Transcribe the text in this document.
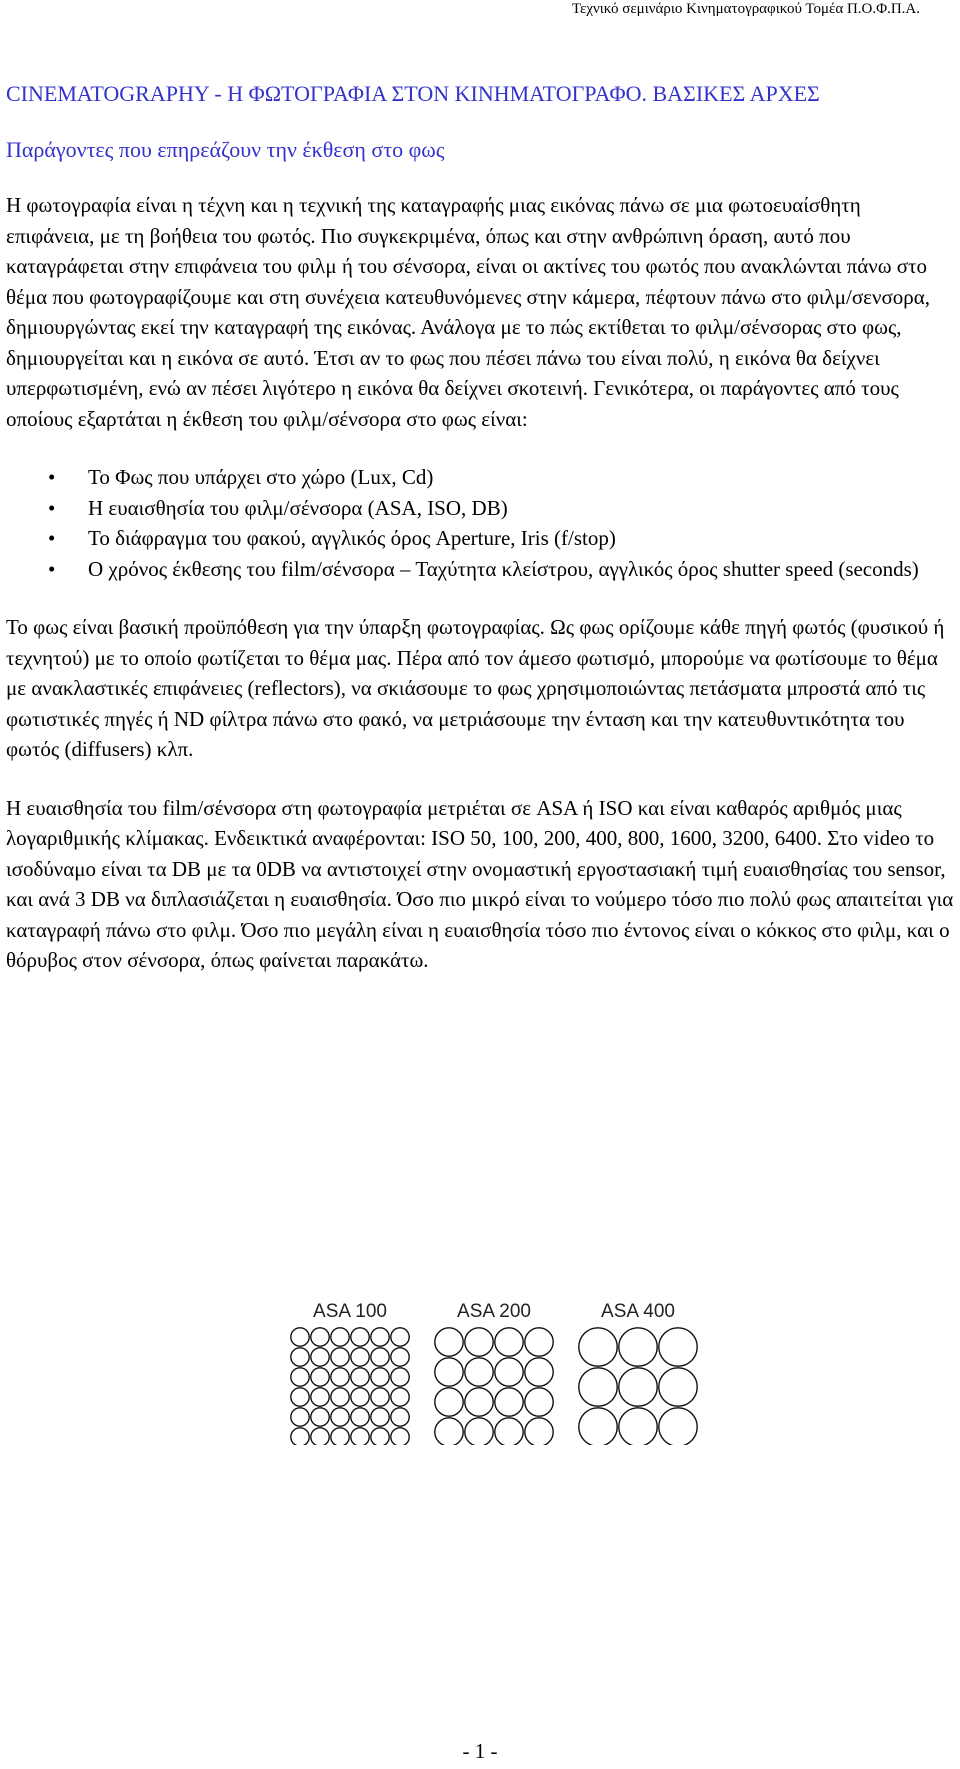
Τεχνικό σεμινάριο Κινηματογραφικού Τομέα Π.Ο.Φ.Π.Α.
CINEMATOGRAPHY - Η ΦΩΤΟΓΡΑΦΙΑ ΣΤΟΝ ΚΙΝΗΜΑΤΟΓΡΑΦΟ. ΒΑΣΙΚΕΣ ΑΡΧΕΣ
Παράγοντες που επηρεάζουν την έκθεση στο φως

Η φωτογραφία είναι η τέχνη και η τεχνική της καταγραφής μιας εικόνας πάνω σε μια φωτοευαίσθητη επιφάνεια, με τη βοήθεια του φωτός. Πιο συγκεκριμένα, όπως και στην ανθρώπινη όραση, αυτό που καταγράφεται στην επιφάνεια του φιλμ ή του σένσορα, είναι οι ακτίνες του φωτός που ανακλώνται πάνω στο θέμα που φωτογραφίζουμε και στη συνέχεια κατευθυνόμενες στην κάμερα, πέφτουν πάνω στο φιλμ/σενσορα, δημιουργώντας εκεί την καταγραφή της εικόνας. Ανάλογα με το πώς εκτίθεται το φιλμ/σένσορας στο φως, δημιουργείται και η εικόνα σε αυτό. Έτσι αν το φως που πέσει πάνω του είναι πολύ, η εικόνα θα δείχνει υπερφωτισμένη, ενώ αν πέσει λιγότερο η εικόνα θα δείχνει σκοτεινή. Γενικότερα, οι παράγοντες από τους οποίους εξαρτάται η έκθεση του φιλμ/σένσορα στο φως είναι:

• Το Φως που υπάρχει στο χώρο (Lux, Cd)
• Η ευαισθησία του φιλμ/σένσορα (ASA, ISO, DB)
• Το διάφραγμα του φακού, αγγλικός όρος Aperture, Iris (f/stop)
• Ο χρόνος έκθεσης του film/σένσορα – Ταχύτητα κλείστρου, αγγλικός όρος shutter speed (seconds)

Το φως είναι βασική προϋπόθεση για την ύπαρξη φωτογραφίας. Ως φως ορίζουμε κάθε πηγή φωτός (φυσικού ή τεχνητού) με το οποίο φωτίζεται το θέμα μας. Πέρα από τον άμεσο φωτισμό, μπορούμε να φωτίσουμε το θέμα με ανακλαστικές επιφάνειες (reflectors), να σκιάσουμε το φως χρησιμοποιώντας πετάσματα μπροστά από τις φωτιστικές πηγές ή ND φίλτρα πάνω στο φακό, να μετριάσουμε την ένταση και την κατευθυντικότητα του φωτός (diffusers) κλπ.

Η ευαισθησία του film/σένσορα στη φωτογραφία μετριέται σε ASA ή ISO και είναι καθαρός αριθμός μιας λογαριθμικής κλίμακας. Ενδεικτικά αναφέρονται: ISO 50, 100, 200, 400, 800, 1600, 3200, 6400. Στο video το ισοδύναμο είναι τα DB με τα 0DB να αντιστοιχεί στην ονομαστική εργοστασιακή τιμή ευαισθησίας του sensor, και ανά 3 DB να διπλασιάζεται η ευαισθησία. Όσο πιο μικρό είναι το νούμερο τόσο πιο πολύ φως απαιτείται για καταγραφή πάνω στο φιλμ. Όσο πιο μεγάλη είναι η ευαισθησία τόσο πιο έντονος είναι ο κόκκος στο φιλμ, και ο θόρυβος στον σένσορα, όπως φαίνεται παρακάτω.

ASA 100	ASA 200	ASA 400
- 1 -
